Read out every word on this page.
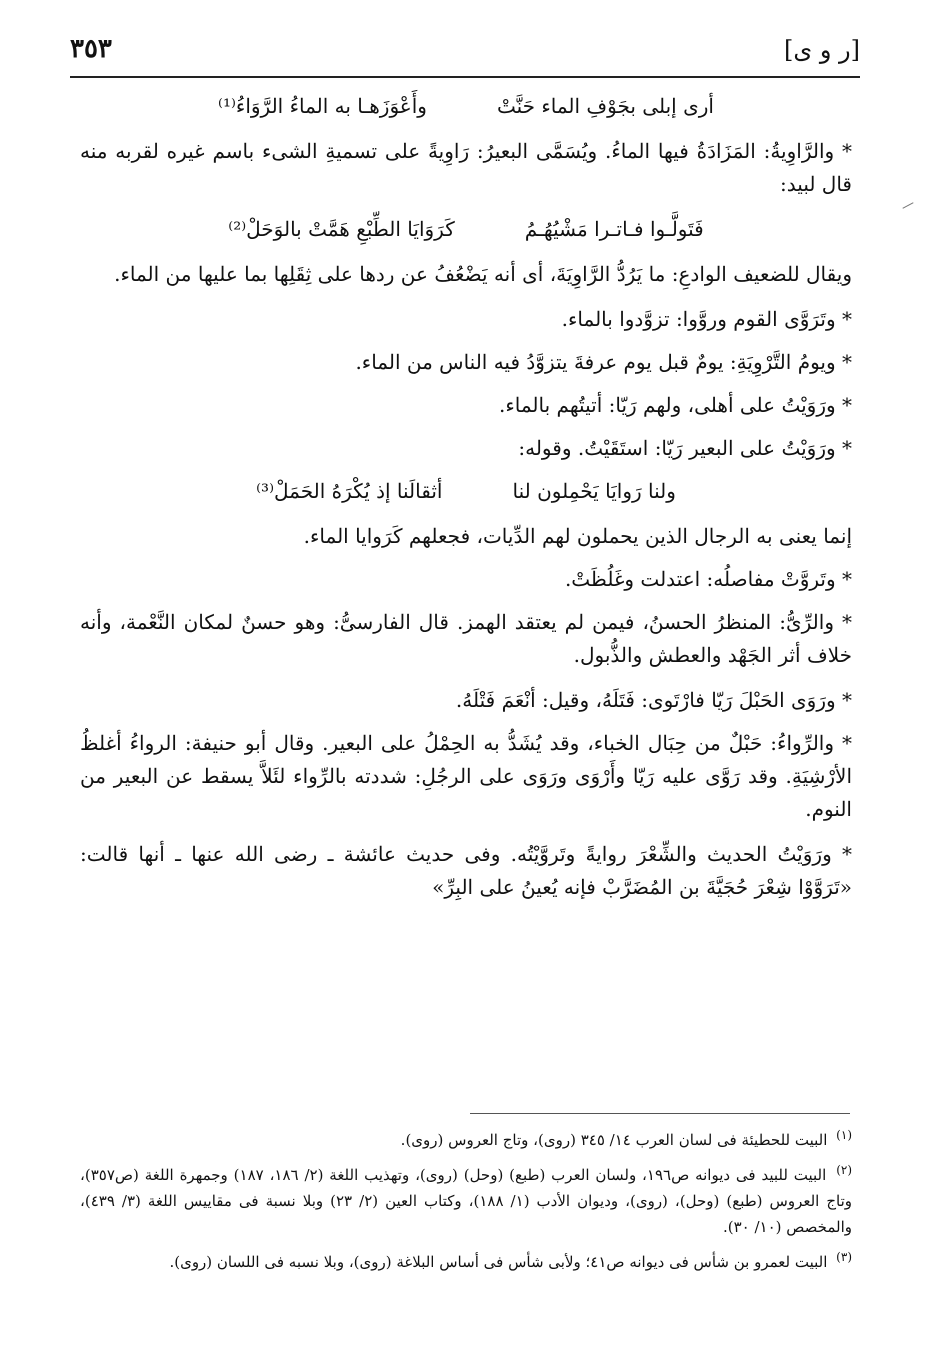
[ر و ى]
٣٥٣
أرى إبلى بجَوْفِ الماء حَنَّتْ
وأَعْوَزَهـا به الماءُ الرَّوَاءُ⁽¹⁾

* والرَّاوِيةُ: المَزَادَةُ فيها الماءُ. ويُسَمَّى البعيرُ: رَاوِيةً على تسميةِ الشىء باسم غيره لقربه منه قال لبيد:

فَتَولَّـوا فـاتـرا مَشْيُهُـمُ
كَرَوَايَا الطِّبْعِ هَمَّتْ بالوَحَلْ⁽²⁾

ويقال للضعيف الوادعِ: ما يَرُدُّ الرَّاوِيَةَ، أى أنه يَضْعُفُ عن ردها على ثِقَلِها بما عليها من الماء.

* وتَرَوَّى القوم وروَّوا: تزوَّدوا بالماء.

* ويومُ التَّرْوِيَةِ: يومٌ قبل يوم عرفةَ يتزوَّدُ فيه الناس من الماء.

* ورَوَيْتُ على أهلى، ولهم رَيّا: أتيتُهم بالماء.

* ورَوَيْتُ على البعير رَيّا: استَقَيْتُ. وقوله:

ولنا رَوايَا يَحْمِلون لنا
أثقالَنا إذ يُكْرَهُ الحَمَلْ⁽³⁾

إنما يعنى به الرجال الذين يحملون لهم الدِّيات، فجعلهم كَرَوايا الماء.

* وتَروَّتْ مفاصلُه: اعتدلت وغَلُظَتْ.

* والرِّىُّ: المنظرُ الحسنُ، فيمن لم يعتقد الهمز. قال الفارسىُّ: وهو حسنٌ لمكان النَّعْمة، وأنه خلاف أثر الجَهْد والعطش والذُّبول.

* ورَوَى الحَبْلَ رَيّا فارْتَوى: فَتَلَهُ، وقيل: أنْعَمَ فَتْلَهُ.

* والرِّواءُ: حَبْلٌ من حِبَال الخباء، وقد يُشَدُّ به الحِمْلُ على البعير. وقال أبو حنيفة: الرواءُ أغلظُ الأرْشِيَةِ. وقد رَوَّى عليه رَيّا وأَرْوَى ورَوَى على الرجُلِ: شددته بالرِّواء لئَلاَّ يسقط عن البعير من النوم.

* ورَوَيْتُ الحديث والشِّعْرَ روايةً وتَروَّيْتُه. وفى حديث عائشة ـ رضى الله عنها ـ أنها قالت: «تَرَوَّوْا شِعْرَ حُجَيَّةَ بن المُضَرَّبْ فإنه يُعينُ على البِرِّ»

$^{(١)}$ البيت للحطيئة فى لسان العرب ١٤/ ٣٤٥ (روى)، وتاج العروس (روى).

$^{(٢)}$ البيت للبيد فى ديوانه ص١٩٦، ولسان العرب (طبع) (وحل) (روى)، وتهذيب اللغة (٢/ ١٨٦، ١٨٧) وجمهرة اللغة (ص٣٥٧)، وتاج العروس (طبع) (وحل)، (روى)، وديوان الأدب (١/ ١٨٨)، وكتاب العين (٢/ ٢٣) وبلا نسبة فى مقاييس اللغة (٣/ ٤٣٩)، والمخصص (١٠/ ٣٠).

$^{(٣)}$ البيت لعمرو بن شأس فى ديوانه ص٤١؛ ولأبى شأس فى أساس البلاغة (روى)، وبلا نسبه فى اللسان (روى).
